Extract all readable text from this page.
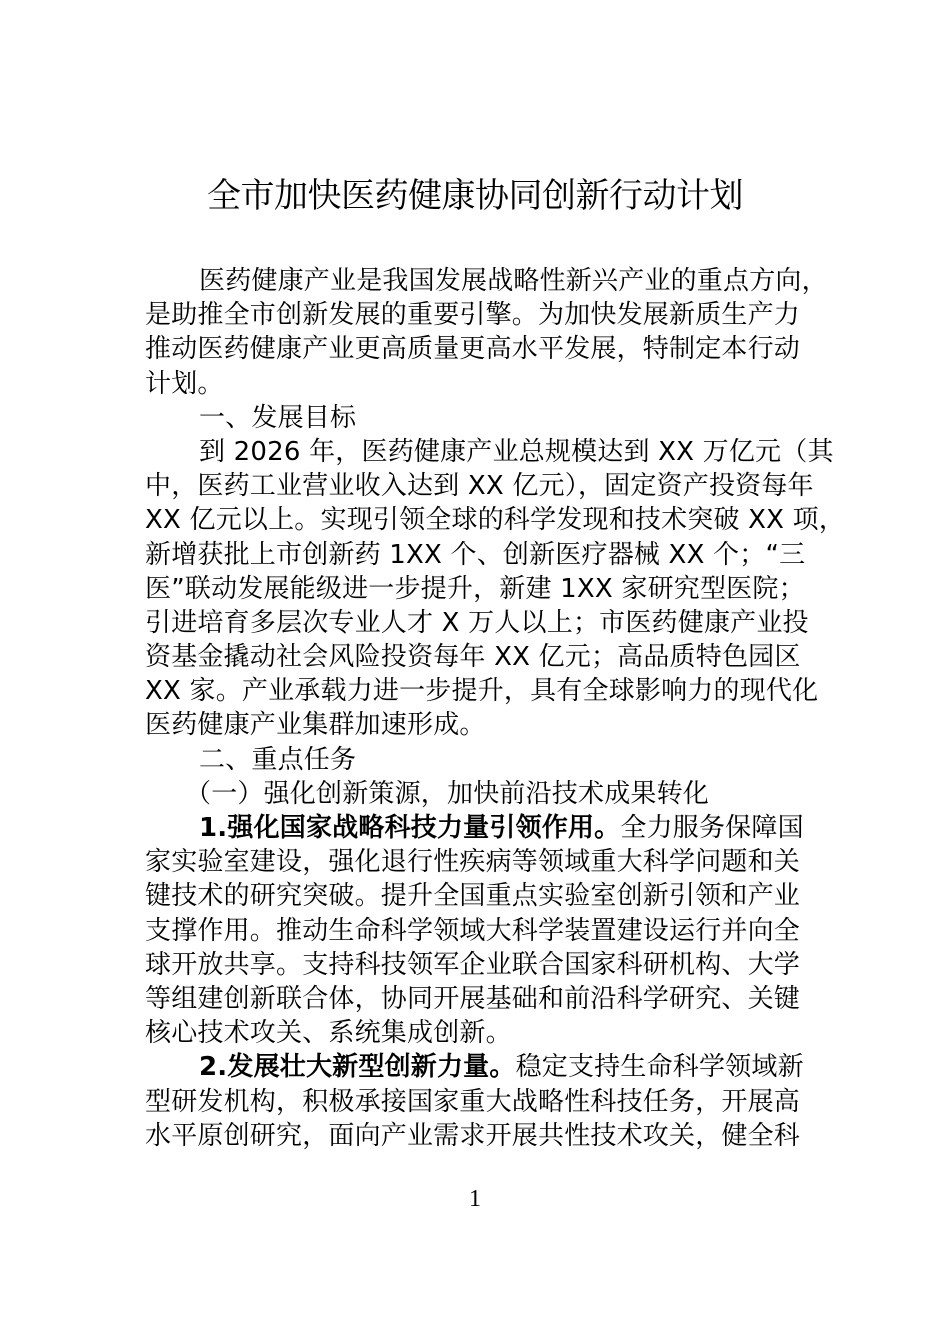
全市加快医药健康协同创新行动计划
医药健康产业是我国发展战略性新兴产业的重点方向，
是助推全市创新发展的重要引擎。为加快发展新质生产力
推动医药健康产业更高质量更高水平发展，特制定本行动
计划。
一、发展目标
到 2026 年，医药健康产业总规模达到 XX 万亿元（其
中，医药工业营业收入达到 XX 亿元），固定资产投资每年
XX 亿元以上。实现引领全球的科学发现和技术突破 XX 项，
新增获批上市创新药 1XX 个、创新医疗器械 XX 个；“三
医”联动发展能级进一步提升，新建 1XX 家研究型医院；
引进培育多层次专业人才 X 万人以上；市医药健康产业投
资基金撬动社会风险投资每年 XX 亿元；高品质特色园区
XX 家。产业承载力进一步提升，具有全球影响力的现代化
医药健康产业集群加速形成。
二、重点任务
（一）强化创新策源，加快前沿技术成果转化
1.强化国家战略科技力量引领作用。全力服务保障国
家实验室建设，强化退行性疾病等领域重大科学问题和关
键技术的研究突破。提升全国重点实验室创新引领和产业
支撑作用。推动生命科学领域大科学装置建设运行并向全
球开放共享。支持科技领军企业联合国家科研机构、大学
等组建创新联合体，协同开展基础和前沿科学研究、关键
核心技术攻关、系统集成创新。
2.发展壮大新型创新力量。稳定支持生命科学领域新
型研发机构，积极承接国家重大战略性科技任务，开展高
水平原创研究，面向产业需求开展共性技术攻关，健全科
1
